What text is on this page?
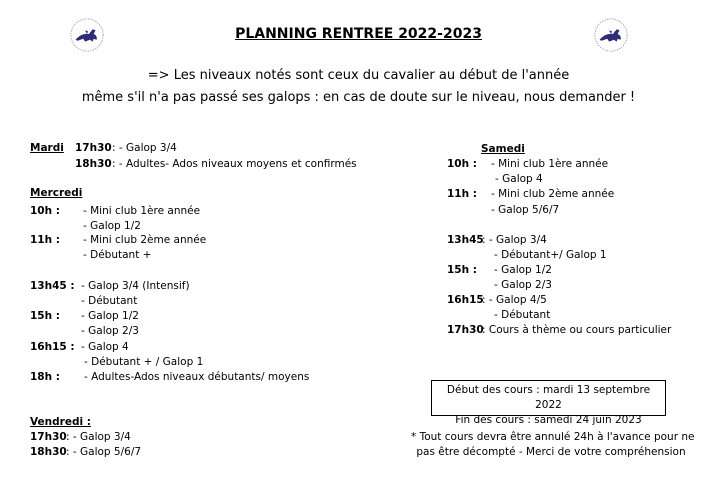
PLANNING RENTREE 2022-2023
=> Les niveaux notés sont ceux du cavalier au début de l'année
même s'il n'a pas passé ses galops : en cas de doute sur le niveau, nous demander !
Mardi 17h30 : - Galop 3/4
18h30 : - Adultes- Ados niveaux moyens et confirmés
Mercredi
10h : - Mini club 1ère année
- Galop 1/2
11h : - Mini club 2ème année
- Débutant +
13h45 : - Galop 3/4 (Intensif)
- Débutant
15h : - Galop 1/2
- Galop 2/3
16h15 : - Galop 4
- Débutant + / Galop 1
18h : - Adultes-Ados niveaux débutants/ moyens
Vendredi :
17h30 : - Galop 3/4
18h30 : - Galop 5/6/7
Samedi
10h : - Mini club 1ère année
- Galop 4
11h : - Mini club 2ème année
- Galop 5/6/7
13h45
: - Galop 3/4
- Débutant+/ Galop 1
15h : - Galop 1/2
- Galop 2/3
16h15
: - Galop 4/5
- Débutant
17h30
: Cours à thème ou cours particulier
Début des cours : mardi 13 septembre 2022
Fin des cours : samedi 24 juin 2023
* Tout cours devra être annulé 24h à l'avance pour ne
pas être décompté - Merci de votre compréhension
